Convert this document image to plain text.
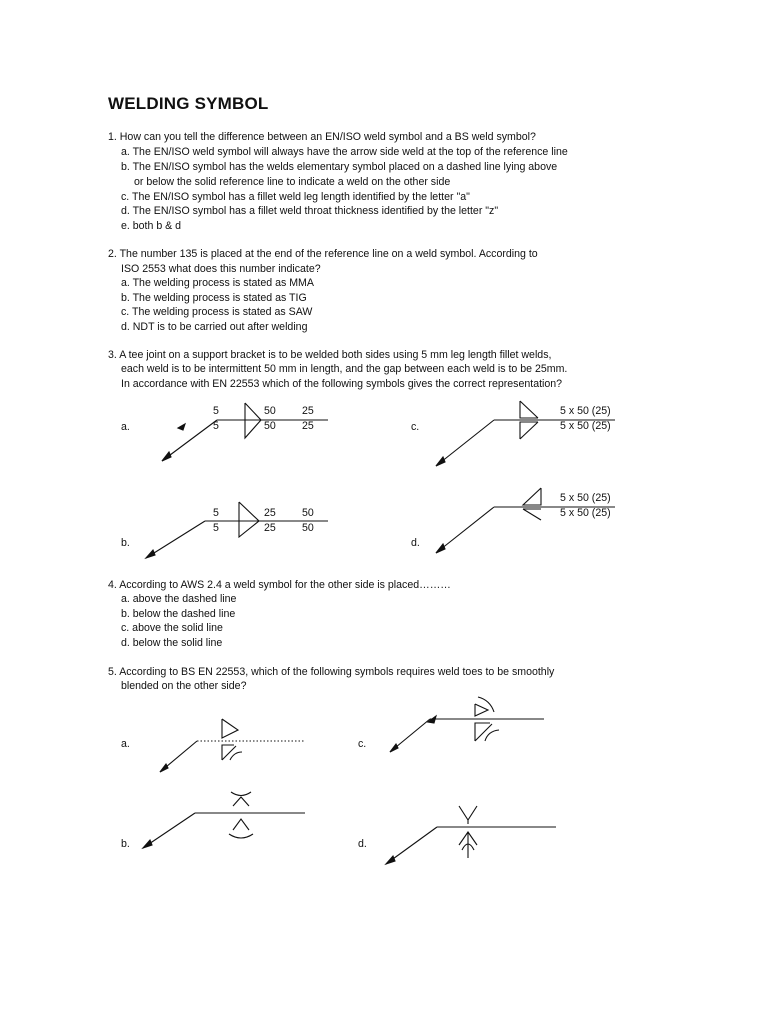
WELDING SYMBOL
1. How can you tell the difference between an EN/ISO weld symbol and a BS weld symbol?
a. The EN/ISO weld symbol will always have the arrow side weld at the top of the reference line
b. The EN/ISO symbol has the welds elementary symbol placed on a dashed line lying above
or below the solid reference line to indicate a weld on the other side
c. The EN/ISO symbol has a fillet weld leg length identified by the letter "a"
d. The EN/ISO symbol has a fillet weld throat thickness identified by the letter "z"
e. both b & d
2. The number 135 is placed at the end of the reference line on a weld symbol. According to
ISO 2553 what does this number indicate?
a. The welding process is stated as MMA
b. The welding process is stated as TIG
c. The welding process is stated as SAW
d. NDT is to be carried out after welding
3. A tee joint on a support bracket is to be welded both sides using 5 mm leg length fillet welds,
each weld is to be intermittent 50 mm in length, and the gap between each weld is to be 25mm.
In accordance with EN 22553 which of the following symbols gives the correct representation?
a.
5	50 25
5	50 25
b.
5	25 50
5	25 50
c.
5 x 50 (25)
5 x 50 (25)
d.
5 x 50 (25)
5 x 50 (25)
4. According to AWS 2.4 a weld symbol for the other side is placed………
a. above the dashed line
b. below the dashed line
c. above the solid line
d. below the solid line
5. According to BS EN 22553, which of the following symbols requires weld toes to be smoothly
blended on the other side?
a.
b.
c.
d.
